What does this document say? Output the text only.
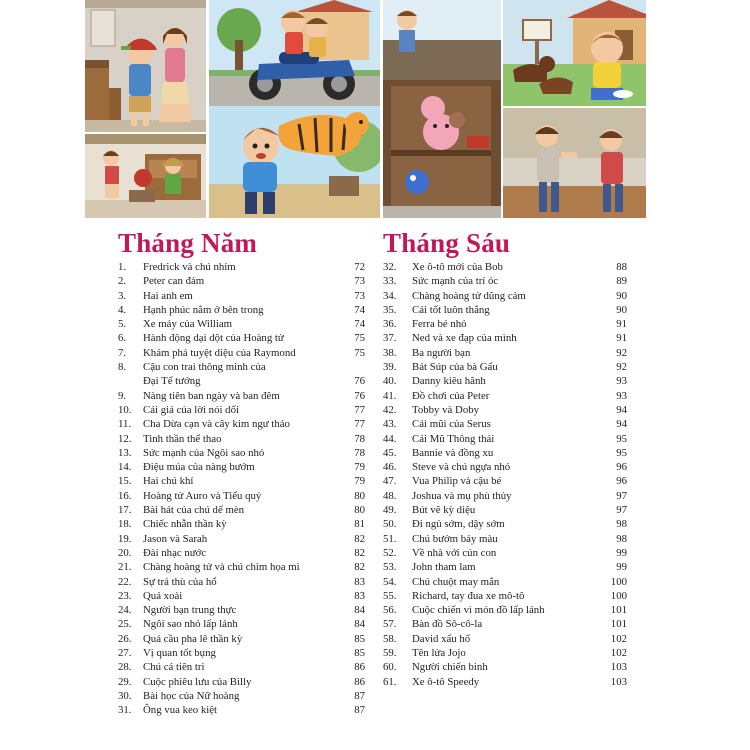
Tháng Năm
1. Fredrick và chú nhím	72
2. Peter can đảm	73
3. Hai anh em	73
4. Hạnh phúc nằm ở bên trong	74
5. Xe máy của William	74
6. Hành động dại dột của Hoàng tử	75
7. Khám phá tuyệt diệu của Raymond	75
8. Cậu con trai thông minh của
Đại Tể tướng	76
9. Nàng tiên ban ngày và ban đêm	76
10. Cái giá của lời nói dối	77
11. Cha Dừa cạn và cây kim ngư thảo	77
12. Tinh thần thể thao	78
13. Sức mạnh của Ngôi sao nhỏ	78
14. Điệu múa của nàng bướm	79
15. Hai chú khỉ	79
16. Hoàng tử Auro và Tiểu quỷ	80
17. Bài hát của chú dế mèn	80
18. Chiếc nhẫn thần kỳ	81
19. Jason và Sarah	82
20. Đài nhạc nước	82
21. Chàng hoàng tử và chú chim họa mi	82
22. Sự trả thù của hổ	83
23. Quả xoài	83
24. Người bạn trung thực	84
25. Ngôi sao nhỏ lấp lánh	84
26. Quả cầu pha lê thần kỳ	85
27. Vị quan tốt bụng	85
28. Chú cá tiên tri	86
29. Cuộc phiêu lưu của Billy	86
30. Bài học của Nữ hoàng	87
31. Ông vua keo kiệt	87
Tháng Sáu
32. Xe ô-tô mới của Bob	88
33. Sức mạnh của trí óc	89
34. Chàng hoàng tử dũng cảm	90
35. Cái tốt luôn thắng	90
36. Ferra bé nhỏ	91
37. Ned và xe đạp của mình	91
38. Ba người bạn	92
39. Bát Súp của bà Gấu	92
40. Danny kiêu hãnh	93
41. Đồ chơi của Peter	93
42. Tobby và Doby	94
43. Cái mũi của Serus	94
44. Cái Mũ Thông thái	95
45. Bannie và đồng xu	95
46. Steve và chú ngựa nhỏ	96
47. Vua Philip và cậu bé	96
48. Joshua và mụ phù thủy	97
49. Bút vẽ kỳ diệu	97
50. Đi ngủ sớm, dậy sớm	98
51. Chú bướm bảy màu	98
52. Về nhà với cún con	99
53. John tham lam	99
54. Chú chuột may mắn	100
55. Richard, tay đua xe mô-tô	100
56. Cuộc chiến vì món đồ lấp lánh	101
57. Bàn đồ Sô-cô-la	101
58. David xấu hổ	102
59. Tên lửa Jojo	102
60. Người chiến binh	103
61. Xe ô-tô Speedy	103
